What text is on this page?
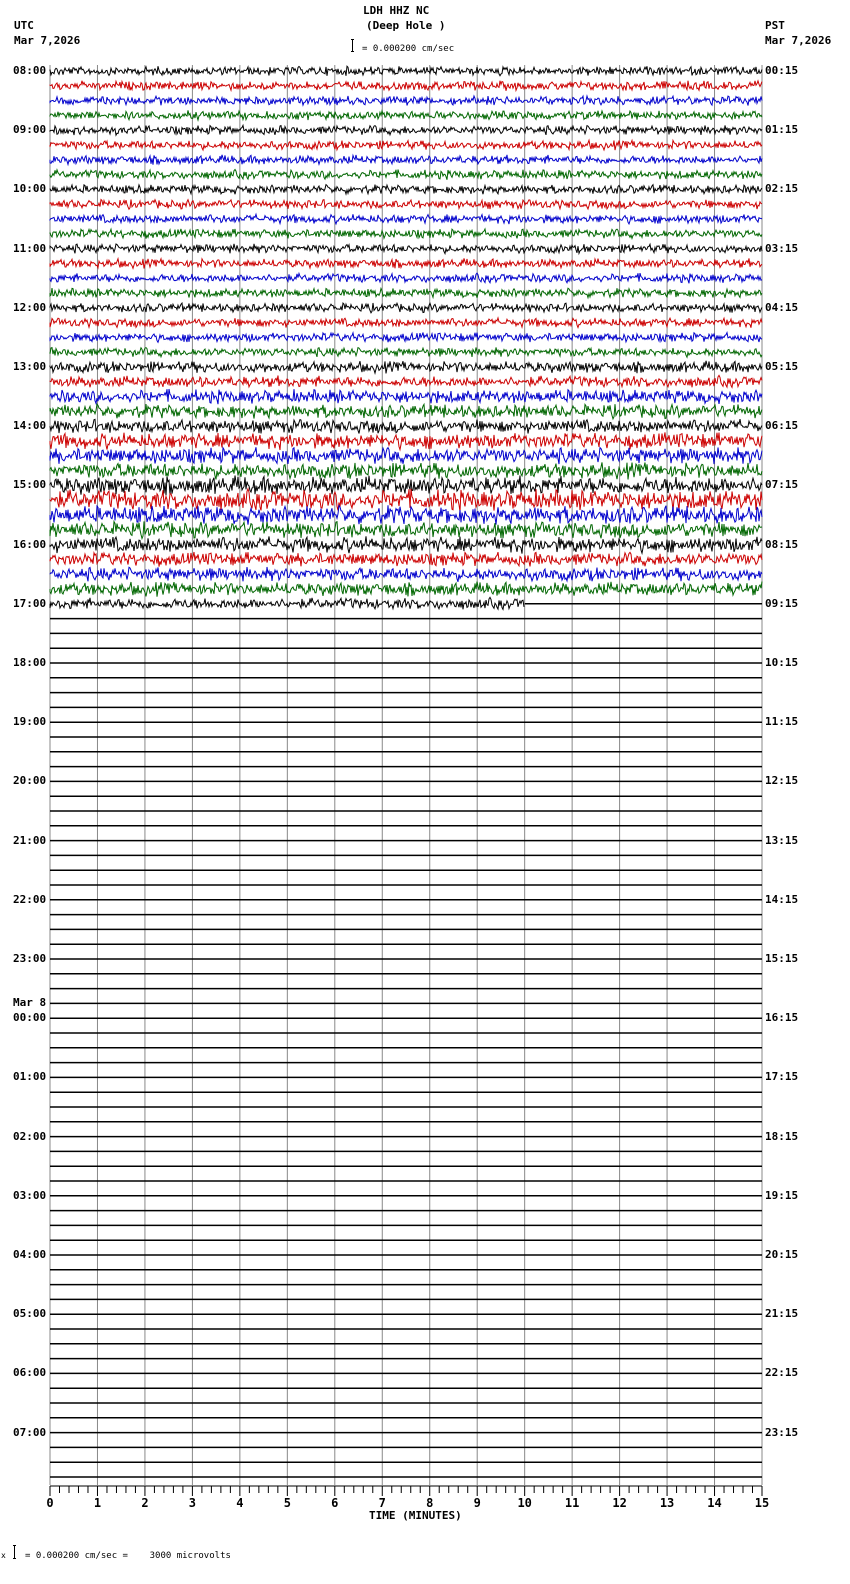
LDH HHZ NC
(Deep Hole )
UTC
Mar 7,2026
PST
Mar 7,2026
= 0.000200 cm/sec
0	1	2	3	4	5	6	7	8	9	10	11	12	13	14	15
08:00
09:00
10:00
11:00
12:00
13:00
14:00
15:00
16:00
17:00
18:00
19:00
20:00
21:00
22:00
23:00
00:00
Mar 8
01:00
02:00
03:00
04:00
05:00
06:00
07:00
00:15
01:15
02:15
03:15
04:15
05:15
06:15
07:15
08:15
09:15
10:15
11:15
12:15
13:15
14:15
15:15
16:15
17:15
18:15
19:15
20:15
21:15
22:15
23:15
TIME (MINUTES)
x = 0.000200 cm/sec =    3000 microvolts
